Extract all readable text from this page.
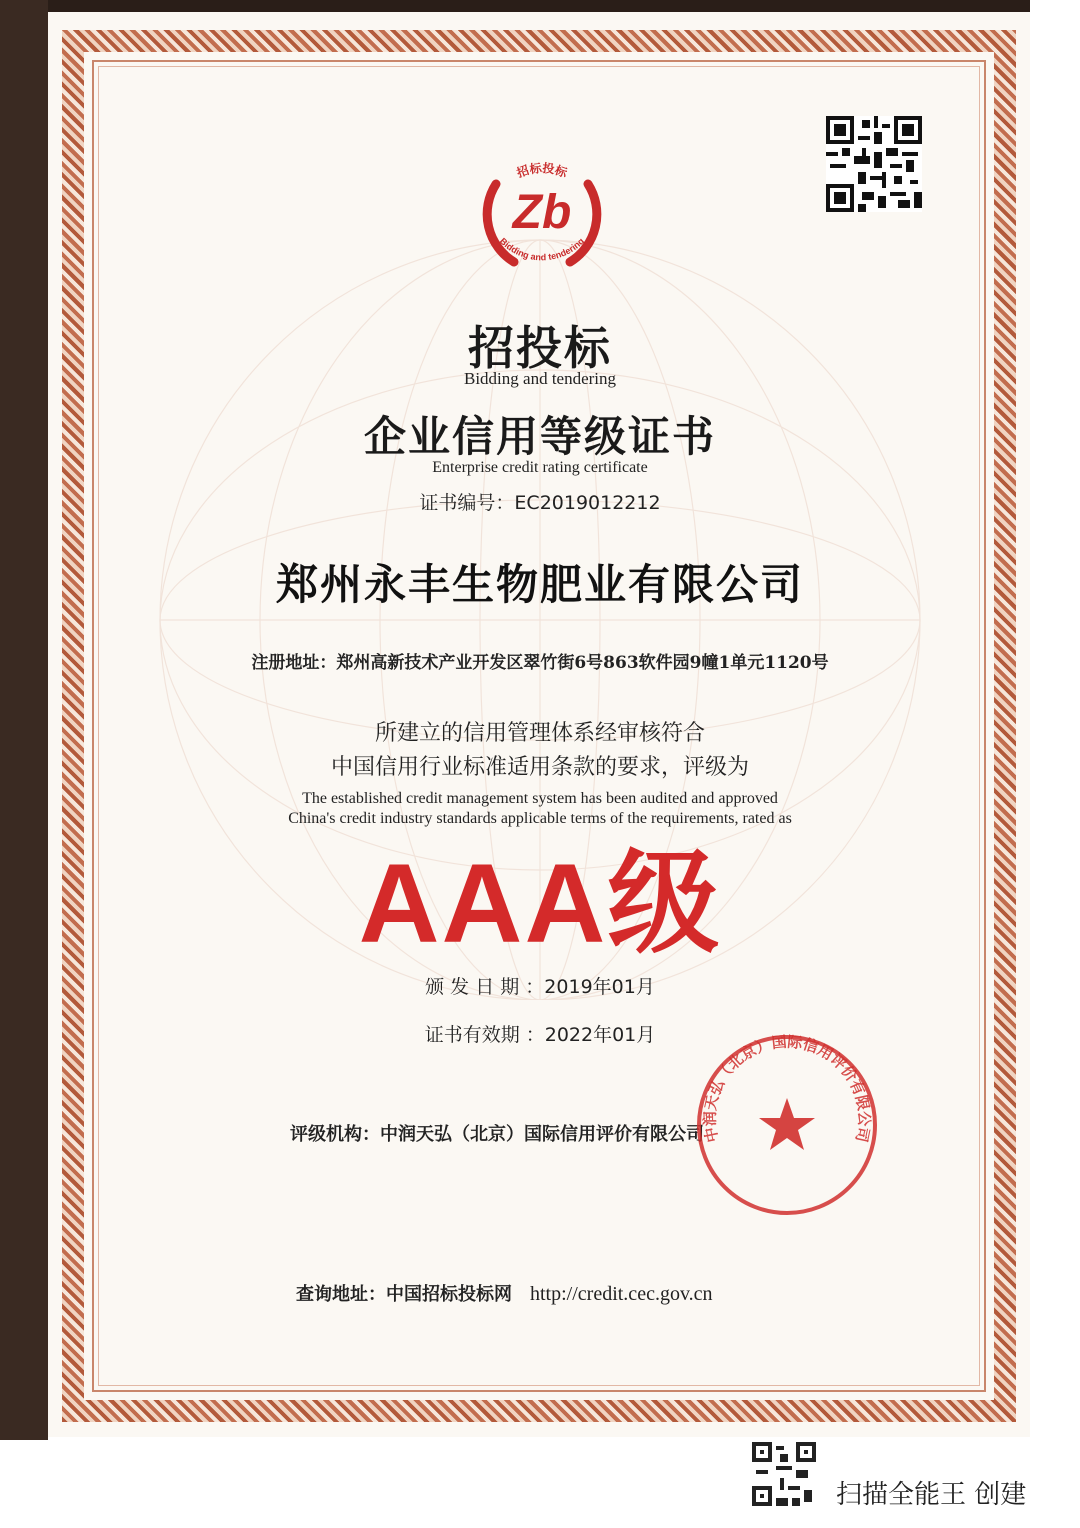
Zb
招标投标
Bidding and tendering
招投标
Bidding and tendering
企业信用等级证书
Enterprise credit rating certificate
证书编号：EC2019012212
郑州永丰生物肥业有限公司
注册地址：郑州高新技术产业开发区翠竹街6号863软件园9幢1单元1120号
所建立的信用管理体系经审核符合
中国信用行业标准适用条款的要求，评级为
The established credit management system has been audited and approved
China's credit industry standards applicable terms of the requirements, rated as
AAA级
颁 发 日 期 ：2019年01月
证书有效期 ：2022年01月
评级机构：中润天弘（北京）国际信用评价有限公司
中润天弘（北京）国际信用评价有限公司
查询地址：中国招标投标网 http://credit.cec.gov.cn
扫描全能王 创建
